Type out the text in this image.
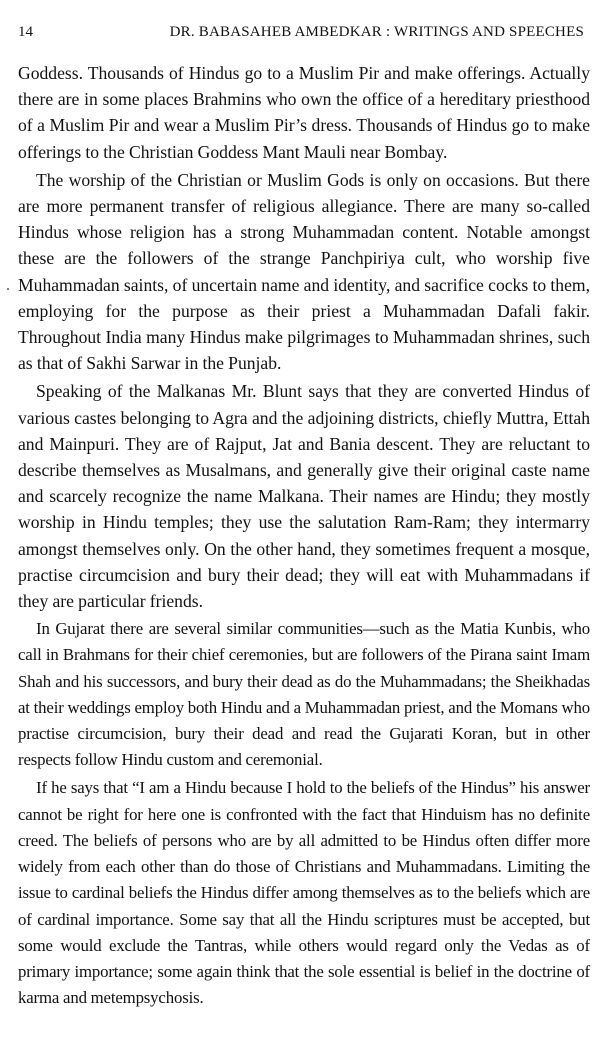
14	DR. BABASAHEB AMBEDKAR : WRITINGS AND SPEECHES

Goddess. Thousands of Hindus go to a Muslim Pir and make offerings. Actually there are in some places Brahmins who own the office of a hereditary priesthood of a Muslim Pir and wear a Muslim Pir’s dress. Thousands of Hindus go to make offerings to the Christian Goddess Mant Mauli near Bombay.

The worship of the Christian or Muslim Gods is only on occasions. But there are more permanent transfer of religious allegiance. There are many so-called Hindus whose religion has a strong Muhammadan content. Notable amongst these are the followers of the strange Panchpiriya cult, who worship five Muhammadan saints, of uncertain name and identity, and sacrifice cocks to them, employing for the purpose as their priest a Muhammadan Dafali fakir. Throughout India many Hindus make pilgrimages to Muhammadan shrines, such as that of Sakhi Sarwar in the Punjab.

Speaking of the Malkanas Mr. Blunt says that they are converted Hindus of various castes belonging to Agra and the adjoining districts, chiefly Muttra, Ettah and Mainpuri. They are of Rajput, Jat and Bania descent. They are reluctant to describe themselves as Musalmans, and generally give their original caste name and scarcely recognize the name Malkana. Their names are Hindu; they mostly worship in Hindu temples; they use the salutation Ram-Ram; they intermarry amongst themselves only. On the other hand, they sometimes frequent a mosque, practise circumcision and bury their dead; they will eat with Muhammadans if they are particular friends.

In Gujarat there are several similar communities—such as the Matia Kunbis, who call in Brahmans for their chief ceremonies, but are followers of the Pirana saint Imam Shah and his successors, and bury their dead as do the Muhammadans; the Sheikhadas at their weddings employ both Hindu and a Muhammadan priest, and the Momans who practise circumcision, bury their dead and read the Gujarati Koran, but in other respects follow Hindu custom and ceremonial.

If he says that “I am a Hindu because I hold to the beliefs of the Hindus” his answer cannot be right for here one is confronted with the fact that Hinduism has no definite creed. The beliefs of persons who are by all admitted to be Hindus often differ more widely from each other than do those of Christians and Muhammadans. Limiting the issue to cardinal beliefs the Hindus differ among themselves as to the beliefs which are of cardinal importance. Some say that all the Hindu scriptures must be accepted, but some would exclude the Tantras, while others would regard only the Vedas as of primary importance; some again think that the sole essential is belief in the doctrine of karma and metempsychosis.
